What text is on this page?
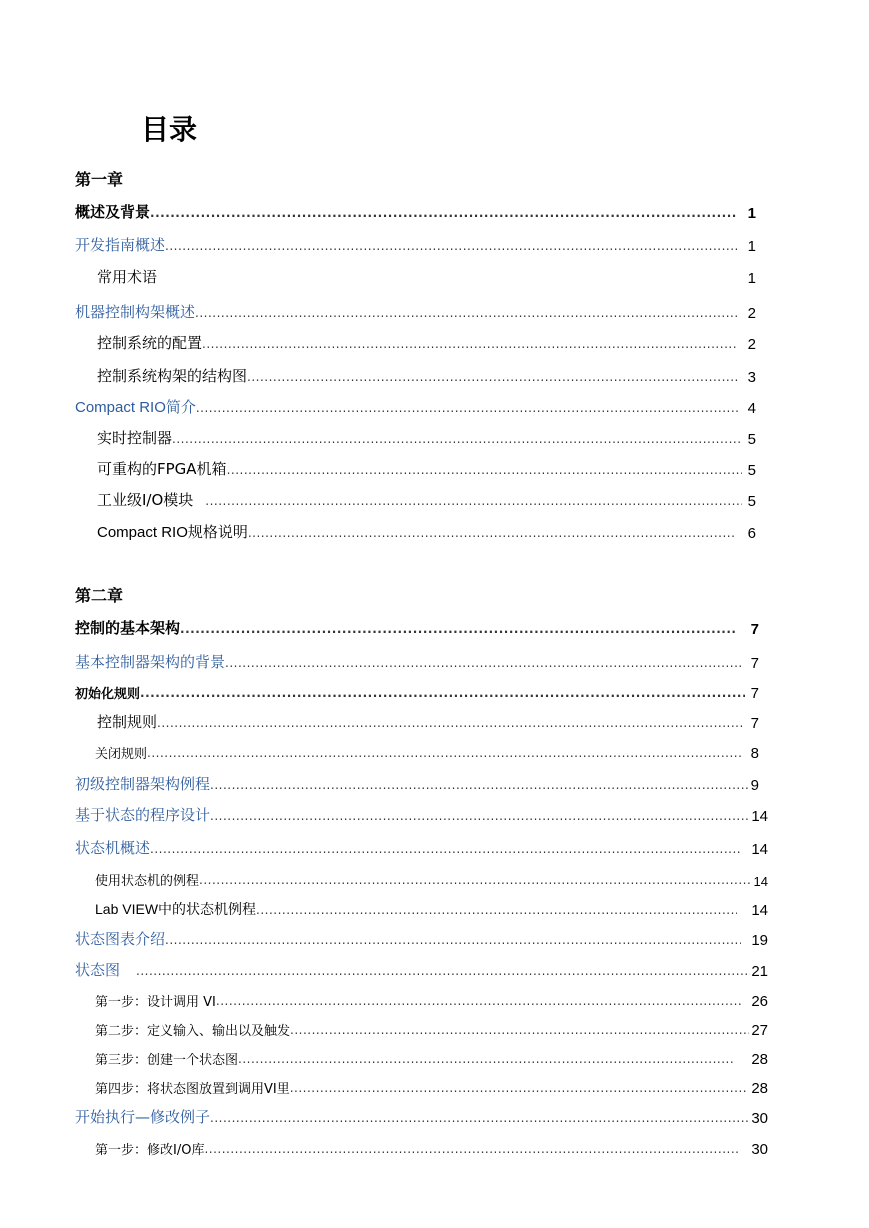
目录
第一章
概述及背景 .....	1
开发指南概述 .....	1
常用术语	1
机器控制构架概述 .....	2
控制系统的配置 .....	2
控制系统构架的结构图 .....	3
Compact RIO简介 .....	4
实时控制器 .....	5
可重构的FPGA机箱 .....	5
工业级I/O模块 .....	5
Compact RIO规格说明 .....	6
第二章
控制的基本架构 .....	7
基本控制器架构的背景 .....	7
初始化规则 .....	7
控制规则 .....	7
关闭规则 .....	8
初级控制器架构例程 .....	9
基于状态的程序设计 .....	14
状态机概述 .....	14
使用状态机的例程 .....	14
Lab VIEW中的状态机例程 .....	14
状态图表介绍 .....	19
状态图 .....	21
第一步：设计调用 VI .....	26
第二步：定义输入、输出以及触发 .....	27
第三步：创建一个状态图 .....	28
第四步：将状态图放置到调用VI里 .....	28
开始执行—修改例子 .....	30
第一步：修改I/O库 .....	30
